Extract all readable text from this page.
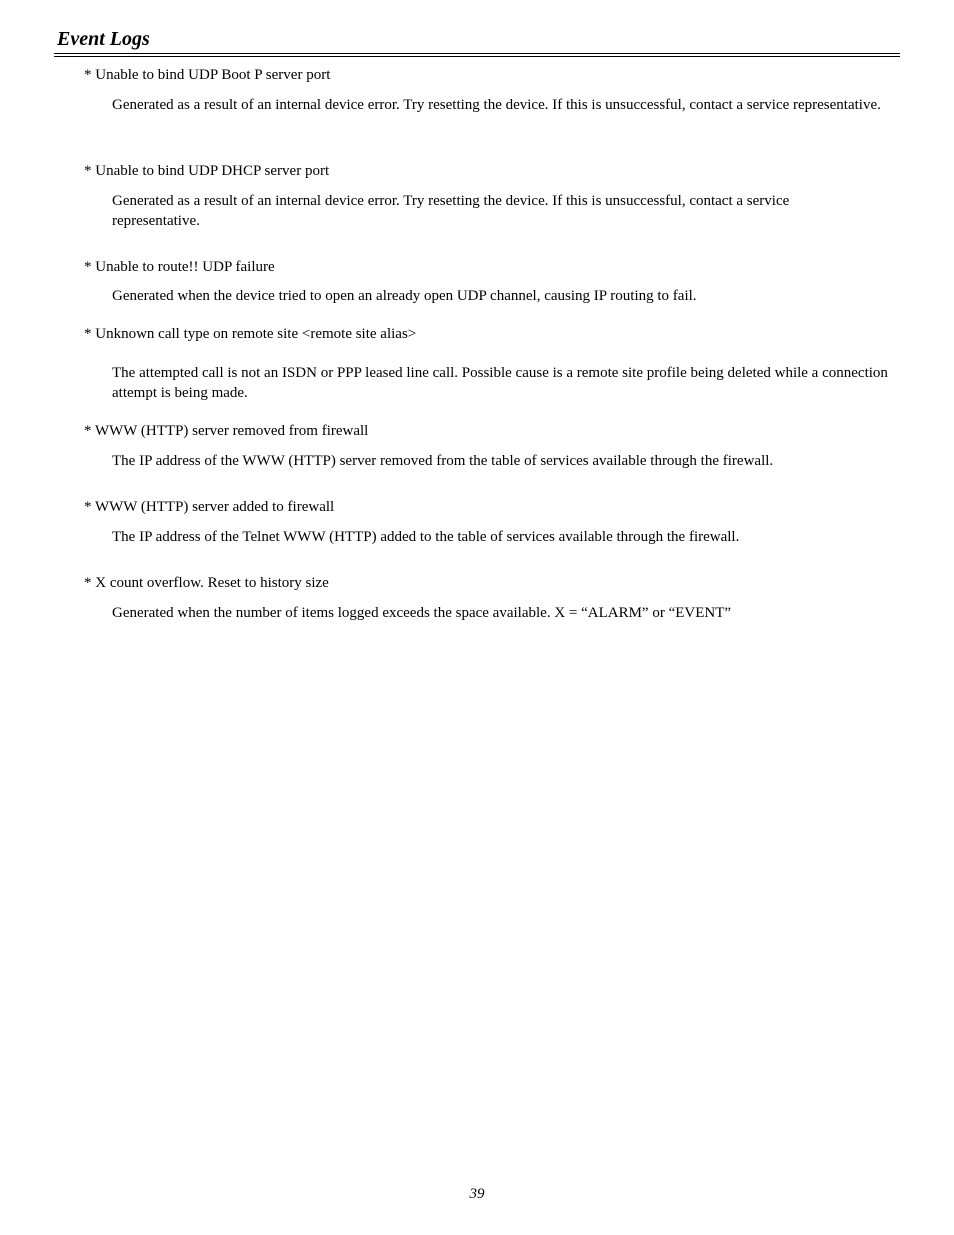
Event Logs
* Unable to bind UDP Boot P server port
Generated as a result of an internal device error. Try resetting the device. If this is unsuccessful, contact a service representative.
* Unable to bind UDP DHCP server port
Generated as a result of an internal device error. Try resetting the device. If this is unsuccessful, contact a service representative.
* Unable to route!! UDP failure
Generated when the device tried to open an already open UDP channel, causing IP routing to fail.
* Unknown call type on remote site <remote site alias>
The attempted call is not an ISDN or PPP leased line call. Possible cause is a remote site profile being deleted while a connection attempt is being made.
* WWW (HTTP) server removed from firewall
The IP address of the WWW (HTTP) server removed from the table of services available through the firewall.
* WWW (HTTP) server added to firewall
The IP address of the Telnet WWW (HTTP) added to the table of services available through the firewall.
* X count overflow. Reset to history size
Generated when the number of items logged exceeds the space available. X = “ALARM” or “EVENT”
39
